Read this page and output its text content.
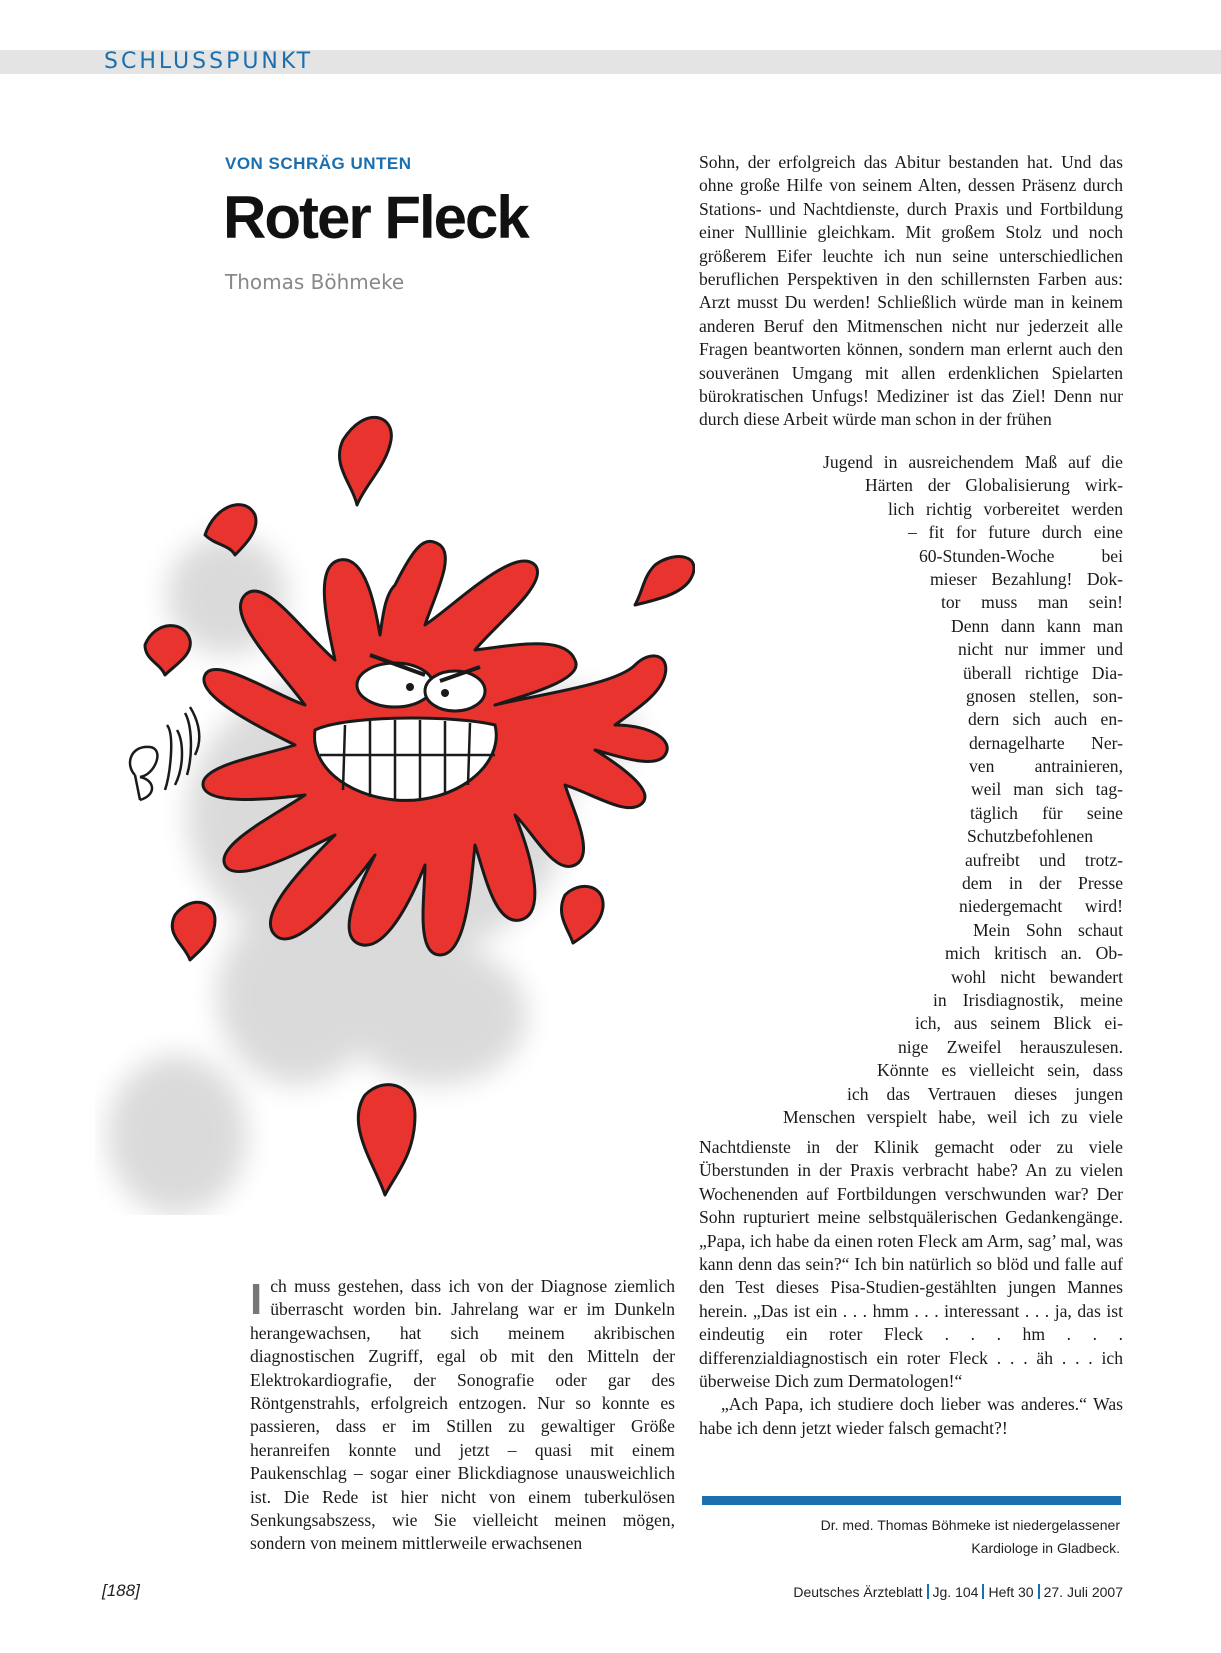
SCHLUSSPUNKT
VON SCHRÄG UNTEN
Roter Fleck
Thomas Böhmeke
Ich muss gestehen, dass ich von der Diagnose ziemlich überrascht worden bin. Jahrelang war er im Dunkeln herangewachsen, hat sich meinem akribischen diagnostischen Zugriff, egal ob mit den Mitteln der Elektrokardiografie, der Sonografie oder gar des Röntgenstrahls, erfolgreich entzogen. Nur so konnte es passieren, dass er im Stillen zu gewaltiger Größe heranreifen konnte und jetzt – quasi mit einem Paukenschlag – sogar einer Blickdiagnose unausweichlich ist. Die Rede ist hier nicht von einem tuberkulösen Senkungsabszess, wie Sie vielleicht meinen mögen, sondern von meinem mittlerweile erwachsenen
Sohn, der erfolgreich das Abitur bestanden hat. Und das ohne große Hilfe von seinem Alten, dessen Präsenz durch Stations- und Nachtdienste, durch Praxis und Fortbildung einer Nulllinie gleichkam. Mit großem Stolz und noch größerem Eifer leuchte ich nun seine unterschiedlichen beruflichen Perspektiven in den schillernsten Farben aus: Arzt musst Du werden! Schließlich würde man in keinem anderen Beruf den Mitmenschen nicht nur jederzeit alle Fragen beantworten können, sondern man erlernt auch den souveränen Umgang mit allen erdenklichen Spielarten bürokratischen Unfugs! Mediziner ist das Ziel! Denn nur durch diese Arbeit würde man schon in der frühen
Jugend in ausreichendem Maß auf die
Härten der Globalisierung wirk-
lich richtig vorbereitet werden
– fit for future durch eine
60-Stunden-Woche bei
mieser Bezahlung! Dok-
tor muss man sein!
Denn dann kann man
nicht nur immer und
überall richtige Dia-
gnosen stellen, son-
dern sich auch en-
dernagelharte Ner-
ven antrainieren,
weil man sich tag-
täglich für seine
Schutzbefohlenen
aufreibt und trotz-
dem in der Presse
niedergemacht wird!
Mein Sohn schaut
mich kritisch an. Ob-
wohl nicht bewandert
in Irisdiagnostik, meine
ich, aus seinem Blick ei-
nige Zweifel herauszulesen.
Könnte es vielleicht sein, dass
ich das Vertrauen dieses jungen
Menschen verspielt habe, weil ich zu viele

Nachtdienste in der Klinik gemacht oder zu viele Überstunden in der Praxis verbracht habe? An zu vielen Wochenenden auf Fortbildungen verschwunden war? Der Sohn rupturiert meine selbstquälerischen Gedankengänge. „Papa, ich habe da einen roten Fleck am Arm, sag’ mal, was kann denn das sein?“ Ich bin natürlich so blöd und falle auf den Test dieses Pisa-Studien-gestählten jungen Mannes herein. „Das ist ein . . . hmm . . . interessant . . . ja, das ist eindeutig ein roter Fleck . . . hm . . . differenzialdiagnostisch ein roter Fleck . . . äh . . . ich überweise Dich zum Dermatologen!“

„Ach Papa, ich studiere doch lieber was anderes.“ Was habe ich denn jetzt wieder falsch gemacht?!

Dr. med. Thomas Böhmeke ist niedergelassener
Kardiologe in Gladbeck.
[188]	Deutsches Ärzteblatt Jg. 104 Heft 30 27. Juli 2007
